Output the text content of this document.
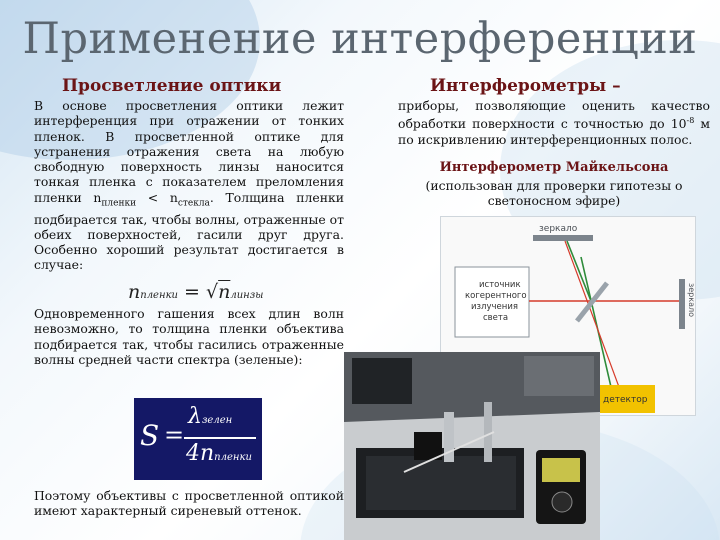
Применение интерференции
Просветление оптики	Интерферометры –
В основе просветления оптики лежит интерференция при отражении от тонких пленок. В просветленной оптике для устранения отражения света на любую свободную поверхность линзы наносится тонкая пленка с показателем преломления пленки $n_{пленки} < n_{стекла}$. Толщина пленки подбирается так, чтобы волны, отраженные от обеих поверхностей, гасили друг друга. Особенно хороший результат достигается в случае:
nпленки = √nлинзы
Одновременного гашения всех длин волн невозможно, то толщина пленки объектива подбирается так, чтобы гасились отраженные волны средней части спектра (зеленые):
S =
λзелен
4nпленки
Поэтому объективы с просветленной оптикой имеют характерный сиреневый оттенок.
приборы, позволяющие оценить качество обработки поверхности с точностью до $10^{-8}$ м по искривлению интерференционных полос.
Интерферометр Майкельсона
(использован для проверки гипотезы о светоносном эфире)
зеркало
зеркало
источник когерентного излучения света
детектор
